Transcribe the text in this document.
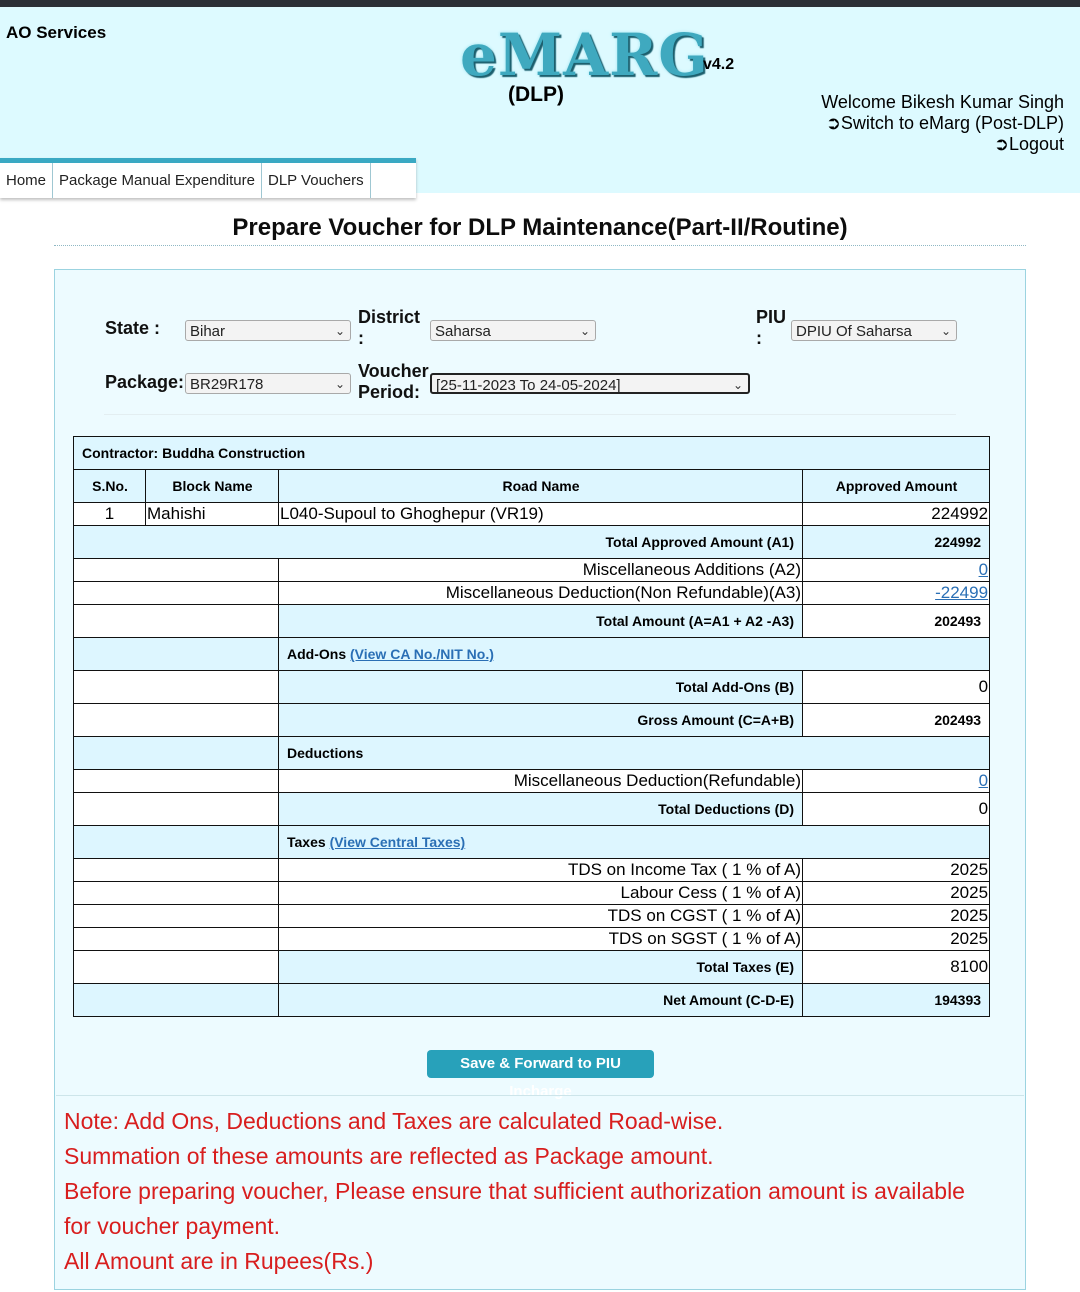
AO Services	eMARG
v4.2
(DLP)	Welcome Bikesh Kumar Singh
➲Switch to eMarg (Post-DLP)
➲Logout
Home Package Manual Expenditure DLP Vouchers
Prepare Voucher for DLP Maintenance(Part-II/Routine)
State :	Bihar	⌄
District
:	Saharsa	⌄
PIU
:	DPIU Of Saharsa ⌄
Package: BR29R178	⌄
Voucher
Period:	[25-11-2023 To 24-05-2024]	⌄
Contractor: Buddha Construction			
S.No.	Block Name	Road Name	Approved Amount
1	Mahishi	L040-Supoul to Ghoghepur (VR19)	224992
Total Approved Amount (A1)			224992
		Miscellaneous Additions (A2)	0
		Miscellaneous Deduction(Non Refundable)(A3)	-22499
		Total Amount (A=A1 + A2 -A3)	202493
		Add-Ons (View CA No./NIT No.)	
		Total Add-Ons (B)	0
		Gross Amount (C=A+B)	202493
		Deductions	
		Miscellaneous Deduction(Refundable)	0
		Total Deductions (D)	0
		Taxes (View Central Taxes)	
		TDS on Income Tax ( 1 % of A)	2025
		Labour Cess ( 1 % of A)	2025
		TDS on CGST ( 1 % of A)	2025
		TDS on SGST ( 1 % of A)	2025
		Total Taxes (E)	8100
		Net Amount (C-D-E)	194393
Save & Forward to PIU Incharge
Note: Add Ons, Deductions and Taxes are calculated Road-wise.
Summation of these amounts are reflected as Package amount.
Before preparing voucher, Please ensure that sufficient authorization amount is available for voucher payment.
All Amount are in Rupees(Rs.)
